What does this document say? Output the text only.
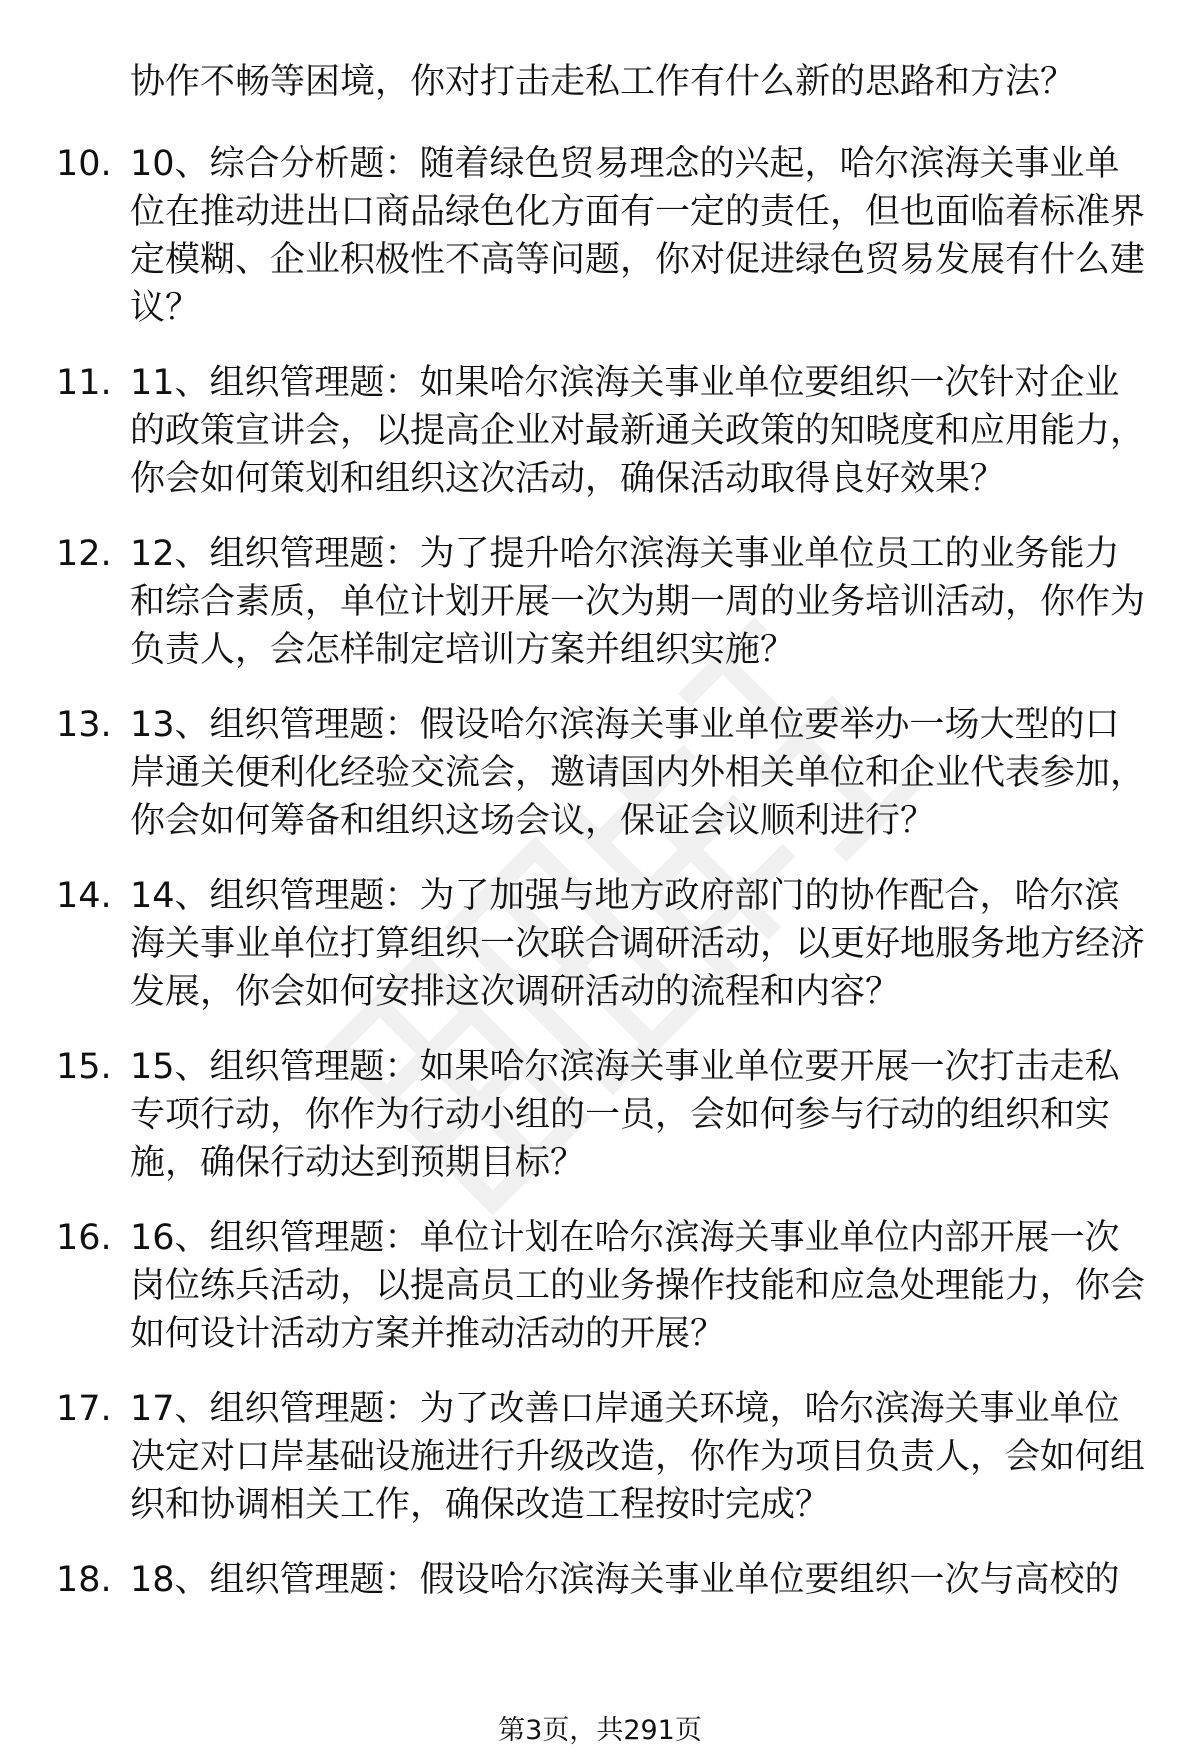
协作不畅等困境，你对打击走私工作有什么新的思路和方法？
10. 10、综合分析题：随着绿色贸易理念的兴起，哈尔滨海关事业单位在推动进出口商品绿色化方面有一定的责任，但也面临着标准界定模糊、企业积极性不高等问题，你对促进绿色贸易发展有什么建议？
11. 11、组织管理题：如果哈尔滨海关事业单位要组织一次针对企业的政策宣讲会，以提高企业对最新通关政策的知晓度和应用能力，你会如何策划和组织这次活动，确保活动取得良好效果？
12. 12、组织管理题：为了提升哈尔滨海关事业单位员工的业务能力和综合素质，单位计划开展一次为期一周的业务培训活动，你作为负责人，会怎样制定培训方案并组织实施？
13. 13、组织管理题：假设哈尔滨海关事业单位要举办一场大型的口岸通关便利化经验交流会，邀请国内外相关单位和企业代表参加，你会如何筹备和组织这场会议，保证会议顺利进行？
14. 14、组织管理题：为了加强与地方政府部门的协作配合，哈尔滨海关事业单位打算组织一次联合调研活动，以更好地服务地方经济发展，你会如何安排这次调研活动的流程和内容？
15. 15、组织管理题：如果哈尔滨海关事业单位要开展一次打击走私专项行动，你作为行动小组的一员，会如何参与行动的组织和实施，确保行动达到预期目标？
16. 16、组织管理题：单位计划在哈尔滨海关事业单位内部开展一次岗位练兵活动，以提高员工的业务操作技能和应急处理能力，你会如何设计活动方案并推动活动的开展？
17. 17、组织管理题：为了改善口岸通关环境，哈尔滨海关事业单位决定对口岸基础设施进行升级改造，你作为项目负责人，会如何组织和协调相关工作，确保改造工程按时完成？
18. 18、组织管理题：假设哈尔滨海关事业单位要组织一次与高校的
第3页，共291页
